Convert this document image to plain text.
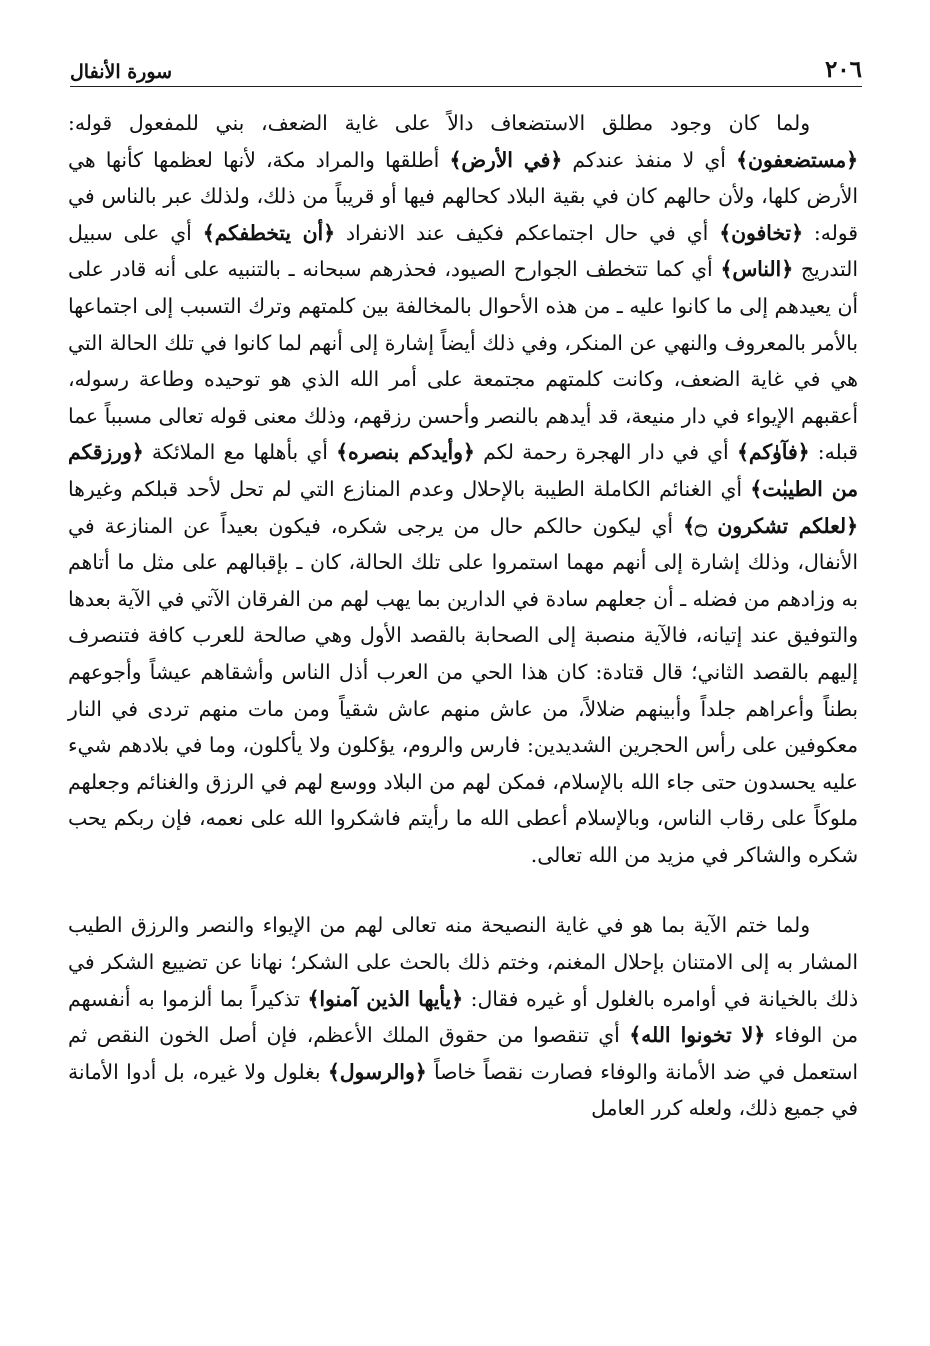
٢٠٦
سورة الأنفال

ولما كان وجود مطلق الاستضعاف دالاً على غاية الضعف، بني للمفعول قوله: ﴿مستضعفون﴾ أي لا منفذ عندكم ﴿في الأرض﴾ أطلقها والمراد مكة، لأنها لعظمها كأنها هي الأرض كلها، ولأن حالهم كان في بقية البلاد كحالهم فيها أو قريباً من ذلك، ولذلك عبر بالناس في قوله: ﴿تخافون﴾ أي في حال اجتماعكم فكيف عند الانفراد ﴿أن يتخطفكم﴾ أي على سبيل التدريج ﴿الناس﴾ أي كما تتخطف الجوارح الصيود، فحذرهم سبحانه ـ بالتنبيه على أنه قادر على أن يعيدهم إلى ما كانوا عليه ـ من هذه الأحوال بالمخالفة بين كلمتهم وترك التسبب إلى اجتماعها بالأمر بالمعروف والنهي عن المنكر، وفي ذلك أيضاً إشارة إلى أنهم لما كانوا في تلك الحالة التي هي في غاية الضعف، وكانت كلمتهم مجتمعة على أمر الله الذي هو توحيده وطاعة رسوله، أعقبهم الإيواء في دار منيعة، قد أيدهم بالنصر وأحسن رزقهم، وذلك معنى قوله تعالى مسبباً عما قبله: ﴿فآوٰكم﴾ أي في دار الهجرة رحمة لكم ﴿وأيدكم بنصره﴾ أي بأهلها مع الملائكة ﴿ورزقكم من الطيبٰت﴾ أي الغنائم الكاملة الطيبة بالإحلال وعدم المنازع التي لم تحل لأحد قبلكم وغيرها ﴿لعلكم تشكرون ۝﴾ أي ليكون حالكم حال من يرجى شكره، فيكون بعيداً عن المنازعة في الأنفال، وذلك إشارة إلى أنهم مهما استمروا على تلك الحالة، كان ـ بإقبالهم على مثل ما أتاهم به وزادهم من فضله ـ أن جعلهم سادة في الدارين بما يهب لهم من الفرقان الآتي في الآية بعدها والتوفيق عند إتيانه، فالآية منصبة إلى الصحابة بالقصد الأول وهي صالحة للعرب كافة فتنصرف إليهم بالقصد الثاني؛ قال قتادة: كان هذا الحي من العرب أذل الناس وأشقاهم عيشاً وأجوعهم بطناً وأعراهم جلداً وأبينهم ضلالاً، من عاش منهم عاش شقياً ومن مات منهم تردى في النار معكوفين على رأس الحجرين الشديدين: فارس والروم، يؤكلون ولا يأكلون، وما في بلادهم شيء عليه يحسدون حتى جاء الله بالإسلام، فمكن لهم من البلاد ووسع لهم في الرزق والغنائم وجعلهم ملوكاً على رقاب الناس، وبالإسلام أعطى الله ما رأيتم فاشكروا الله على نعمه، فإن ربكم يحب شكره والشاكر في مزيد من الله تعالى.

ولما ختم الآية بما هو في غاية النصيحة منه تعالى لهم من الإيواء والنصر والرزق الطيب المشار به إلى الامتنان بإحلال المغنم، وختم ذلك بالحث على الشكر؛ نهانا عن تضييع الشكر في ذلك بالخيانة في أوامره بالغلول أو غيره فقال: ﴿يأيها الذين آمنوا﴾ تذكيراً بما ألزموا به أنفسهم من الوفاء ﴿لا تخونوا الله﴾ أي تنقصوا من حقوق الملك الأعظم، فإن أصل الخون النقص ثم استعمل في ضد الأمانة والوفاء فصارت نقصاً خاصاً ﴿والرسول﴾ بغلول ولا غيره، بل أدوا الأمانة في جميع ذلك، ولعله كرر العامل
